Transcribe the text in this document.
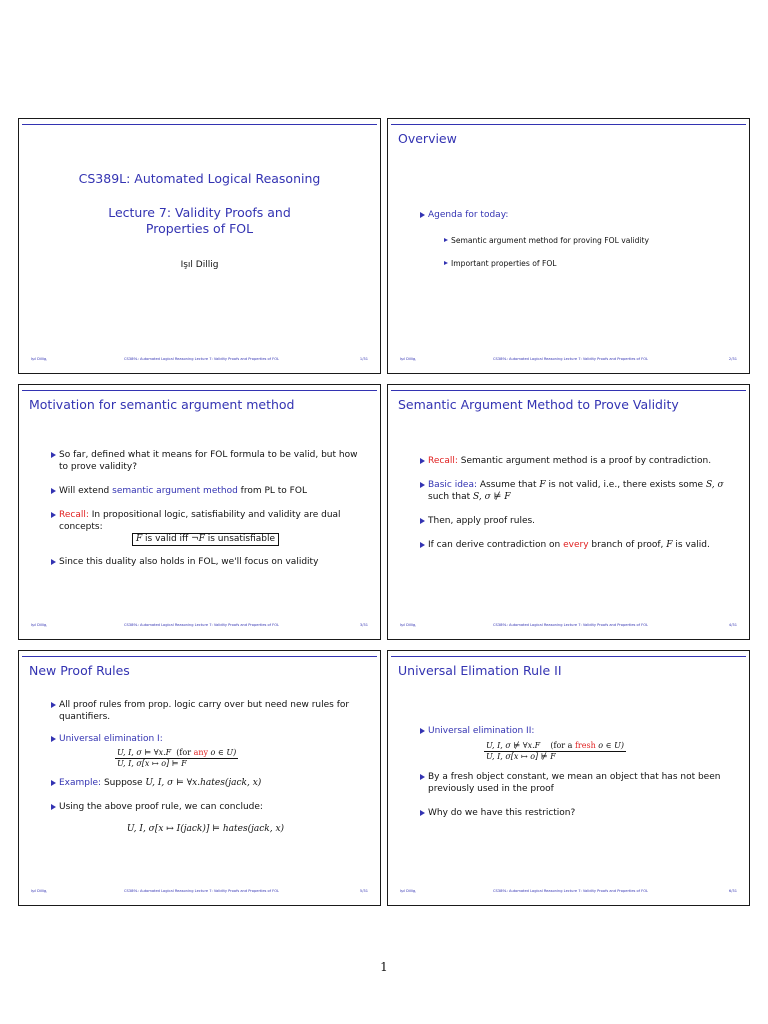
CS389L: Automated Logical Reasoning
Lecture 7: Validity Proofs and
Properties of FOL
Işıl Dillig
Işıl Dillig,	CS389L: Automated Logical Reasoning Lecture 7: Validity Proofs and Properties of FOL	1/31
Overview
Agenda for today:
Semantic argument method for proving FOL validity
Important properties of FOL
Işıl Dillig,	CS389L: Automated Logical Reasoning Lecture 7: Validity Proofs and Properties of FOL	2/31
Motivation for semantic argument method
So far, defined what it means for FOL formula to be valid, but how to prove validity?
Will extend semantic argument method from PL to FOL
Recall: In propositional logic, satisfiability and validity are dual concepts:
F is valid iff ¬F is unsatisfiable
Since this duality also holds in FOL, we'll focus on validity
Işıl Dillig,	CS389L: Automated Logical Reasoning Lecture 7: Validity Proofs and Properties of FOL	3/31
Semantic Argument Method to Prove Validity
Recall: Semantic argument method is a proof by contradiction.
Basic idea: Assume that F is not valid, i.e., there exists some S, σ such that S, σ ⊭ F
Then, apply proof rules.
If can derive contradiction on every branch of proof, F is valid.
Işıl Dillig,	CS389L: Automated Logical Reasoning Lecture 7: Validity Proofs and Properties of FOL	4/31
New Proof Rules
All proof rules from prop. logic carry over but need new rules for quantifiers.
Universal elimination I:
$\frac{\text{U, I, σ ⊨ ∀x.F (for any o ∈ U)}}{U, I, \sigma[x ↦ o] ⊨ F}$
Example: Suppose U, I, σ ⊨ ∀x.hates(jack, x)
Using the above proof rule, we can conclude:
U, I, σ[x ↦ I(jack)] ⊨ hates(jack, x)
Işıl Dillig,	CS389L: Automated Logical Reasoning Lecture 7: Validity Proofs and Properties of FOL	5/31
Universal Elimation Rule II
Universal elimination II:
$\frac{\text{U, I, σ ⊭ ∀x.F (for a fresh o ∈ U)}}{U, I, \sigma[x ↦ o] ⊭ F}$
By a fresh object constant, we mean an object that has not been previously used in the proof
Why do we have this restriction?
Işıl Dillig,	CS389L: Automated Logical Reasoning Lecture 7: Validity Proofs and Properties of FOL	6/31
1
